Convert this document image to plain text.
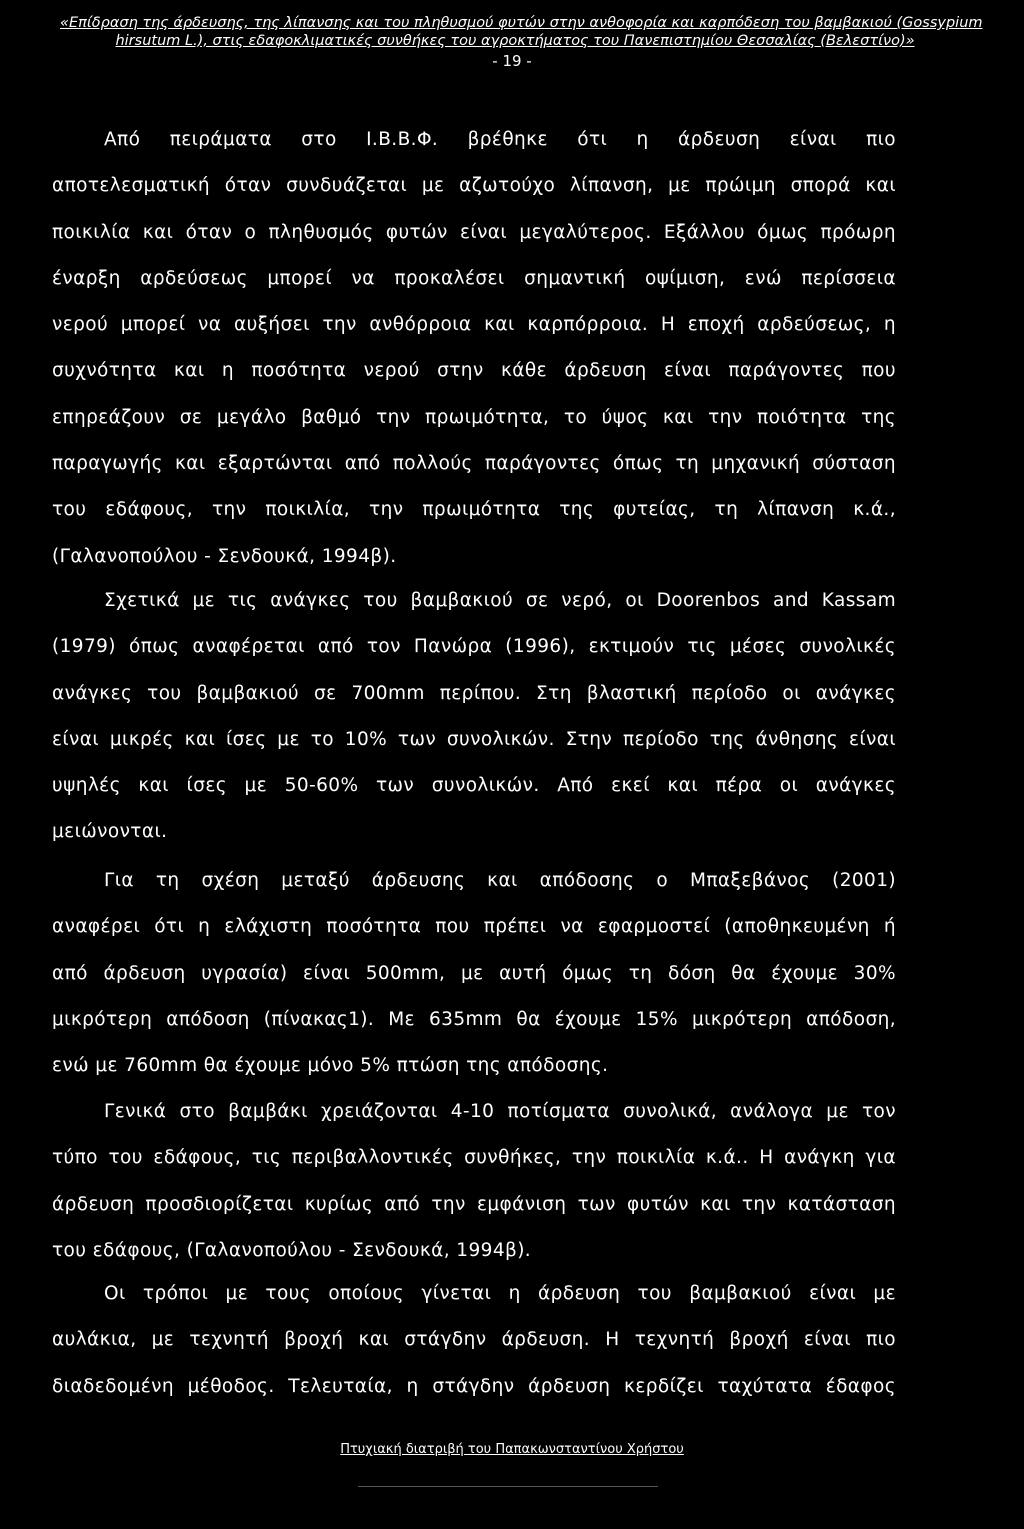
«Επίδραση της άρδευσης, της λίπανσης και του πληθυσμού φυτών στην ανθοφορία και καρπόδεση του βαμβακιού (Gossypium
hirsutum L.), στις εδαφοκλιματικές συνθήκες του αγροκτήματος του Πανεπιστημίου Θεσσαλίας (Βελεστίνο)»
- 19 -
Από πειράματα στο Ι.Β.Β.Φ. βρέθηκε ότι η άρδευση είναι πιο
αποτελεσματική όταν συνδυάζεται με αζωτούχο λίπανση, με πρώιμη σπορά και
ποικιλία και όταν ο πληθυσμός φυτών είναι μεγαλύτερος. Εξάλλου όμως πρόωρη
έναρξη αρδεύσεως μπορεί να προκαλέσει σημαντική οψίμιση, ενώ περίσσεια
νερού μπορεί να αυξήσει την ανθόρροια και καρπόρροια. Η εποχή αρδεύσεως, η
συχνότητα και η ποσότητα νερού στην κάθε άρδευση είναι παράγοντες που
επηρεάζουν σε μεγάλο βαθμό την πρωιμότητα, το ύψος και την ποιότητα της
παραγωγής και εξαρτώνται από πολλούς παράγοντες όπως τη μηχανική σύσταση
του εδάφους, την ποικιλία, την πρωιμότητα της φυτείας, τη λίπανση κ.ά.,
(Γαλανοπούλου - Σενδουκά, 1994β).
Σχετικά με τις ανάγκες του βαμβακιού σε νερό, οι Doorenbos and Kassam
(1979) όπως αναφέρεται από τον Πανώρα (1996), εκτιμούν τις μέσες συνολικές
ανάγκες του βαμβακιού σε 700mm περίπου. Στη βλαστική περίοδο οι ανάγκες
είναι μικρές και ίσες με το 10% των συνολικών. Στην περίοδο της άνθησης είναι
υψηλές και ίσες με 50-60% των συνολικών. Από εκεί και πέρα οι ανάγκες
μειώνονται.
Για τη σχέση μεταξύ άρδευσης και απόδοσης ο Μπαξεβάνος (2001)
αναφέρει ότι η ελάχιστη ποσότητα που πρέπει να εφαρμοστεί (αποθηκευμένη ή
από άρδευση υγρασία) είναι 500mm, με αυτή όμως τη δόση θα έχουμε 30%
μικρότερη απόδοση (πίνακας1). Με 635mm θα έχουμε 15% μικρότερη απόδοση,
ενώ με 760mm θα έχουμε μόνο 5% πτώση της απόδοσης.
Γενικά στο βαμβάκι χρειάζονται 4-10 ποτίσματα συνολικά, ανάλογα με τον
τύπο του εδάφους, τις περιβαλλοντικές συνθήκες, την ποικιλία κ.ά.. Η ανάγκη για
άρδευση προσδιορίζεται κυρίως από την εμφάνιση των φυτών και την κατάσταση
του εδάφους, (Γαλανοπούλου - Σενδουκά, 1994β).
Οι τρόποι με τους οποίους γίνεται η άρδευση του βαμβακιού είναι με
αυλάκια, με τεχνητή βροχή και στάγδην άρδευση. Η τεχνητή βροχή είναι πιο
διαδεδομένη μέθοδος. Τελευταία, η στάγδην άρδευση κερδίζει ταχύτατα έδαφος
Πτυχιακή διατριβή του Παπακωνσταντίνου Χρήστου
